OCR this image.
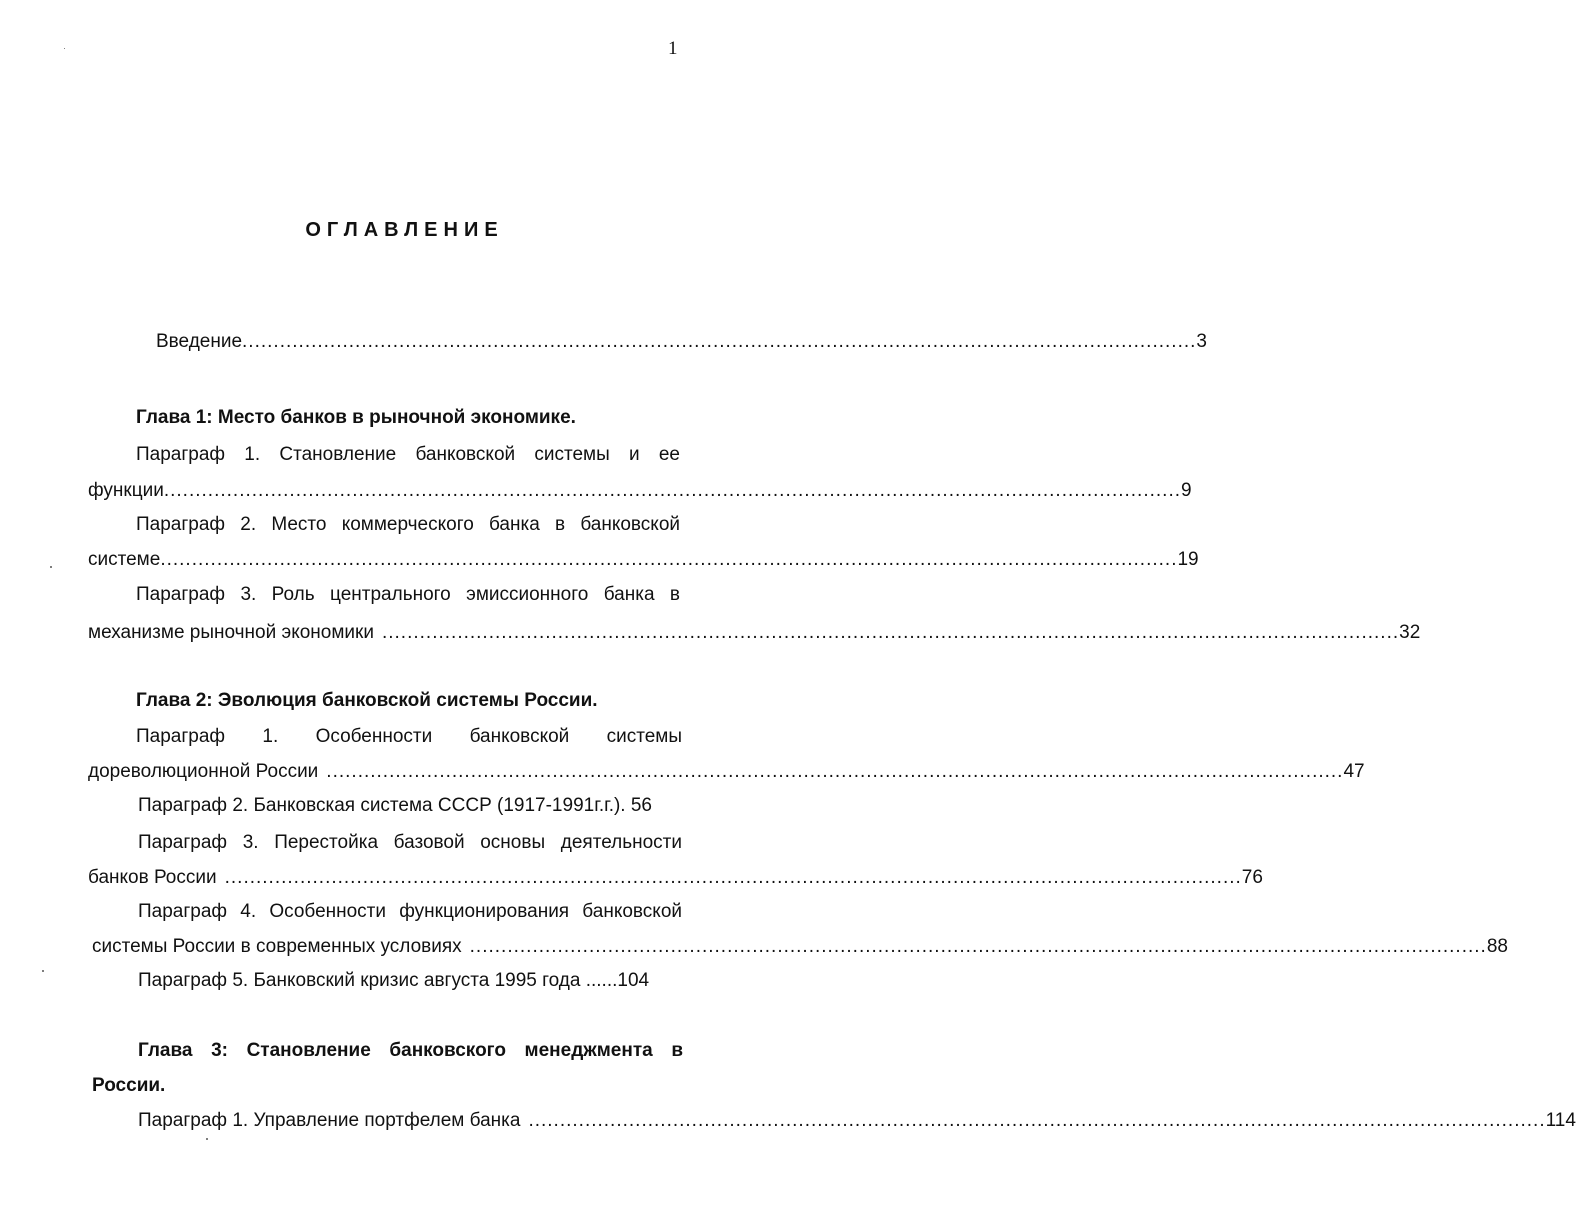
1
ОГЛАВЛЕНИЕ
Введение ........................................................................................................................................................ 3
Глава 1: Место банков в рыночной экономике.
Параграф 1. Становление банковской системы и ее
функции .................................................................................................................................................................. 9
Параграф 2. Место коммерческого банка в банковской
системе .................................................................................................................................................................. 19
Параграф 3. Роль центрального эмиссионного банка в
механизме рыночной экономики .................................................................................................................................................................. 32
Глава 2: Эволюция банковской системы России.
Параграф 1. Особенности банковской системы
дореволюционной России .................................................................................................................................................................. 47
Параграф 2. Банковская система СССР (1917-1991г.г.). 56
Параграф 3. Перестойка базовой основы деятельности
банков России .................................................................................................................................................................. 76
Параграф 4. Особенности функционирования банковской
системы России в современных условиях .................................................................................................................................................................. 88
Параграф 5. Банковский кризис августа 1995 года ......104
Глава 3: Становление банковского менеджмента в
России.
Параграф 1. Управление портфелем банка .................................................................................................................................................................. 114
